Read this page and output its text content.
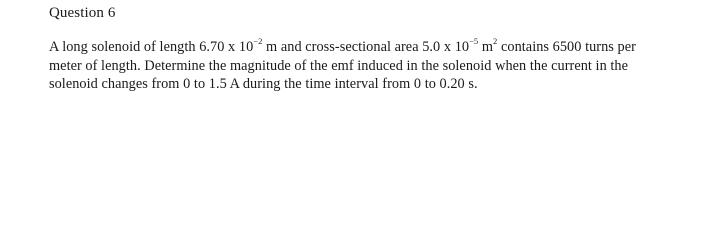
Question 6
A long solenoid of length 6.70 x $10^{-2}$ m and cross-sectional area 5.0 x $10^{-5}$ $m^2$ contains 6500 turns per
meter of length. Determine the magnitude of the emf induced in the solenoid when the current in the
solenoid changes from 0 to 1.5 A during the time interval from 0 to 0.20 s.
